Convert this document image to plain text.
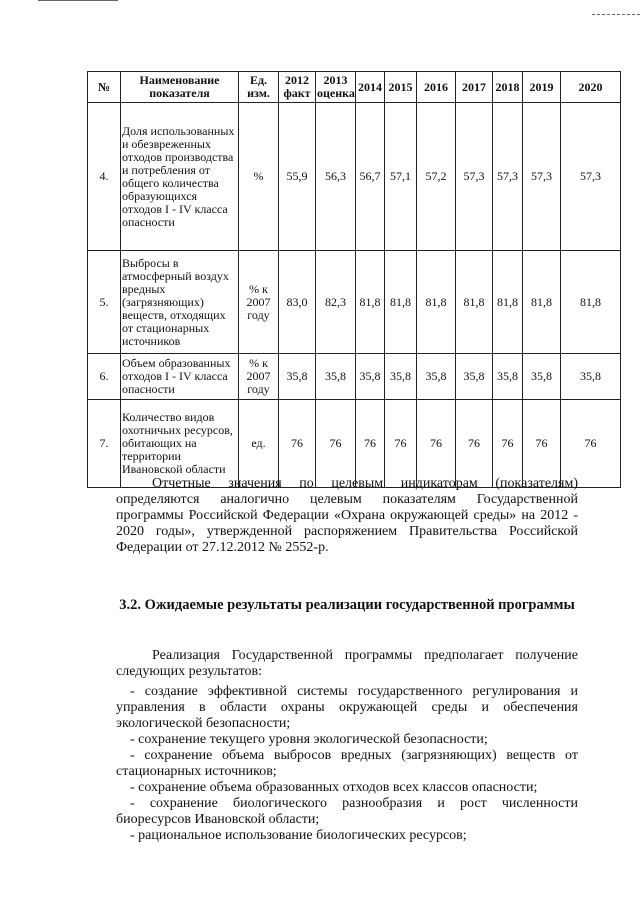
№	Наименование показателя	Ед. изм.	2012 факт	2013 оценка	2014	2015	2016	2017	2018	2019	2020
4.	Доля использованных и обезвреженных отходов производства и потребления от общего количества образующихся отходов I - IV класса опасности	%	55,9	56,3	56,7	57,1	57,2	57,3	57,3	57,3	57,3
5.	Выбросы в атмосферный воздух вредных (загрязняющих) веществ, отходящих от стационарных источников	% к 2007 году	83,0	82,3	81,8	81,8	81,8	81,8	81,8	81,8	81,8
6.	Объем образованных отходов I - IV класса опасности	% к 2007 году	35,8	35,8	35,8	35,8	35,8	35,8	35,8	35,8	35,8
7.	Количество видов охотничьих ресурсов, обитающих на территории Ивановской области	ед.	76	76	76	76	76	76	76	76	76

Отчетные значения по целевым индикаторам (показателям) определяются аналогично целевым показателям Государственной программы Российской Федерации «Охрана окружающей среды» на 2012 - 2020 годы», утвержденной распоряжением Правительства Российской Федерации от 27.12.2012 № 2552-р.

3.2. Ожидаемые результаты реализации государственной программы

Реализация Государственной программы предполагает получение следующих результатов:

- создание эффективной системы государственного регулирования и управления в области охраны окружающей среды и обеспечения экологической безопасности;
- сохранение текущего уровня экологической безопасности;
- сохранение объема выбросов вредных (загрязняющих) веществ от стационарных источников;
- сохранение объема образованных отходов всех классов опасности;
- сохранение биологического разнообразия и рост численности биоресурсов Ивановской области;
- рациональное использование биологических ресурсов;
